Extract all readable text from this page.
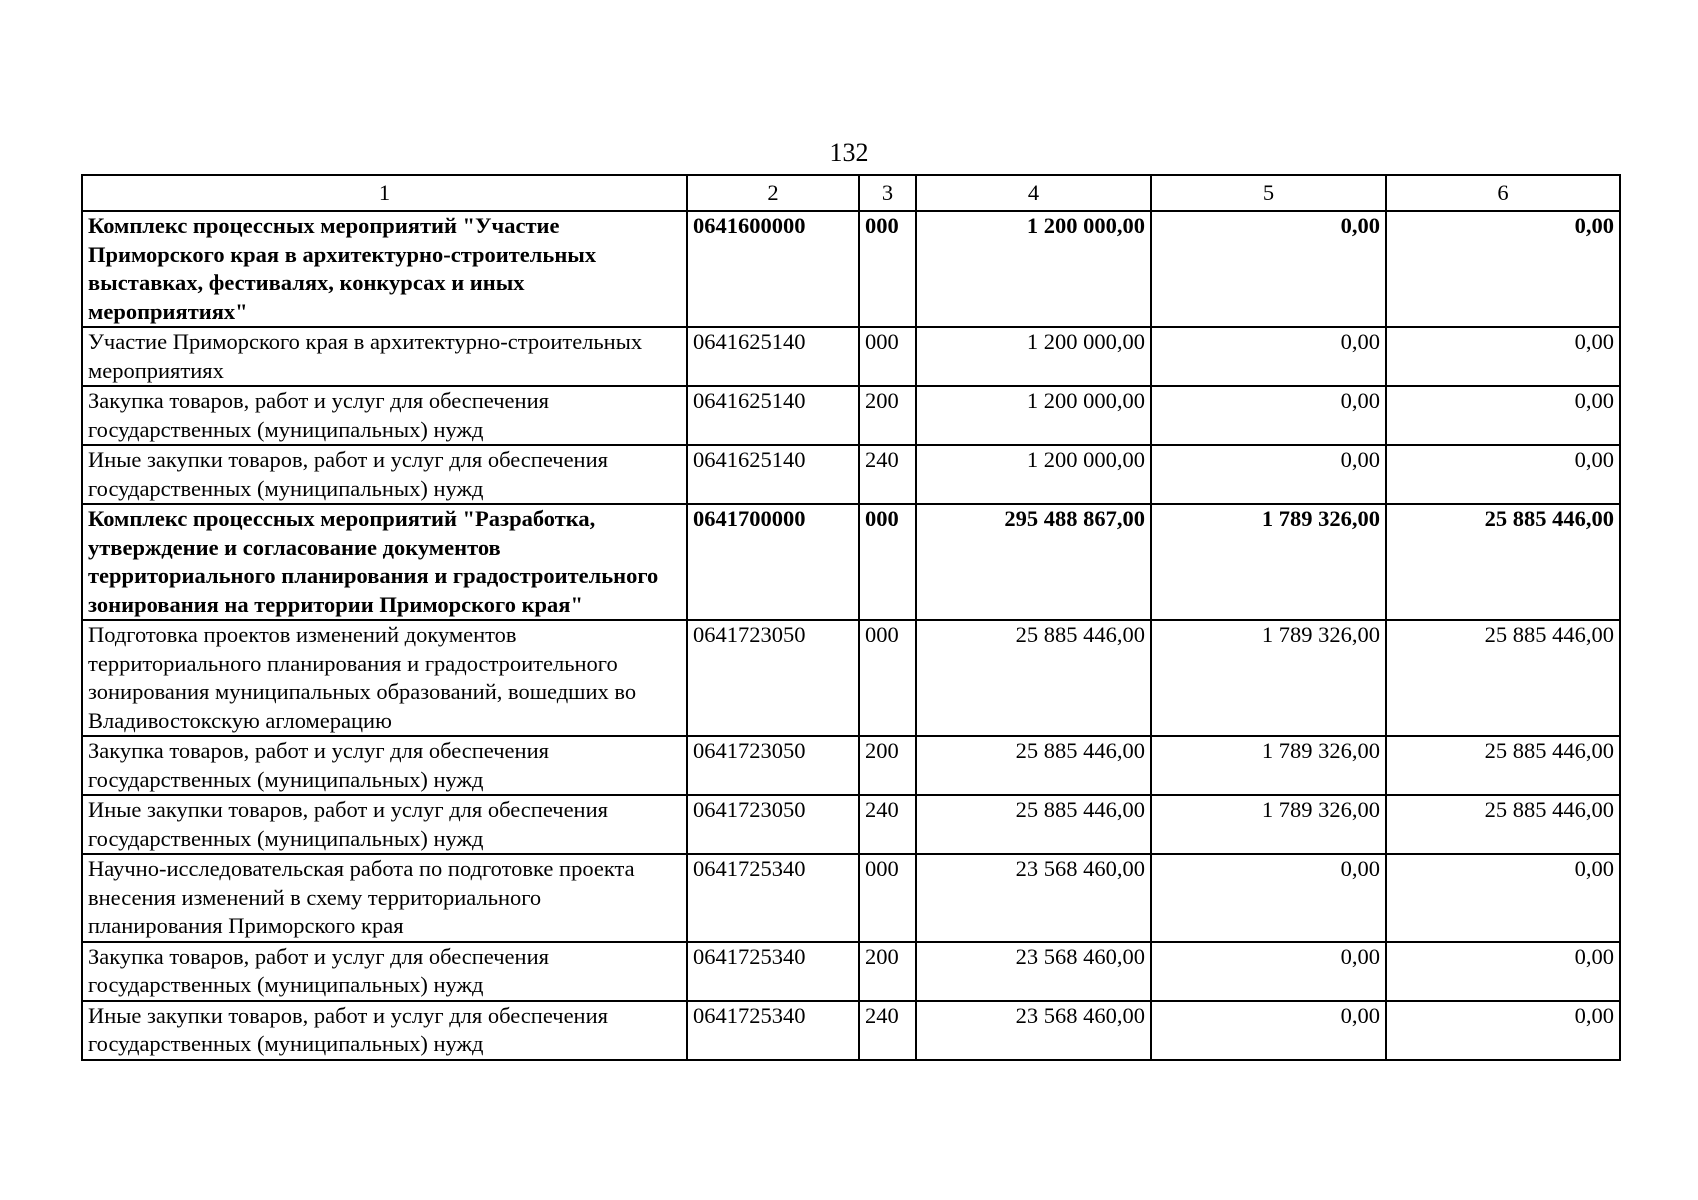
132
1	2	3	4	5	6
Комплекс процессных мероприятий "Участие Приморского края в архитектурно-строительных выставках, фестивалях, конкурсах и иных мероприятиях"	0641600000	000	1 200 000,00	0,00	0,00
Участие Приморского края в архитектурно-строительных мероприятиях	0641625140	000	1 200 000,00	0,00	0,00
Закупка товаров, работ и услуг для обеспечения государственных (муниципальных) нужд	0641625140	200	1 200 000,00	0,00	0,00
Иные закупки товаров, работ и услуг для обеспечения государственных (муниципальных) нужд	0641625140	240	1 200 000,00	0,00	0,00
Комплекс процессных мероприятий "Разработка, утверждение и согласование документов территориального планирования и градостроительного зонирования на территории Приморского края"	0641700000	000	295 488 867,00	1 789 326,00	25 885 446,00
Подготовка проектов изменений документов территориального планирования и градостроительного зонирования муниципальных образований, вошедших во Владивостокскую агломерацию	0641723050	000	25 885 446,00	1 789 326,00	25 885 446,00
Закупка товаров, работ и услуг для обеспечения государственных (муниципальных) нужд	0641723050	200	25 885 446,00	1 789 326,00	25 885 446,00
Иные закупки товаров, работ и услуг для обеспечения государственных (муниципальных) нужд	0641723050	240	25 885 446,00	1 789 326,00	25 885 446,00
Научно-исследовательская работа по подготовке проекта внесения изменений в схему территориального планирования Приморского края	0641725340	000	23 568 460,00	0,00	0,00
Закупка товаров, работ и услуг для обеспечения государственных (муниципальных) нужд	0641725340	200	23 568 460,00	0,00	0,00
Иные закупки товаров, работ и услуг для обеспечения государственных (муниципальных) нужд	0641725340	240	23 568 460,00	0,00	0,00
